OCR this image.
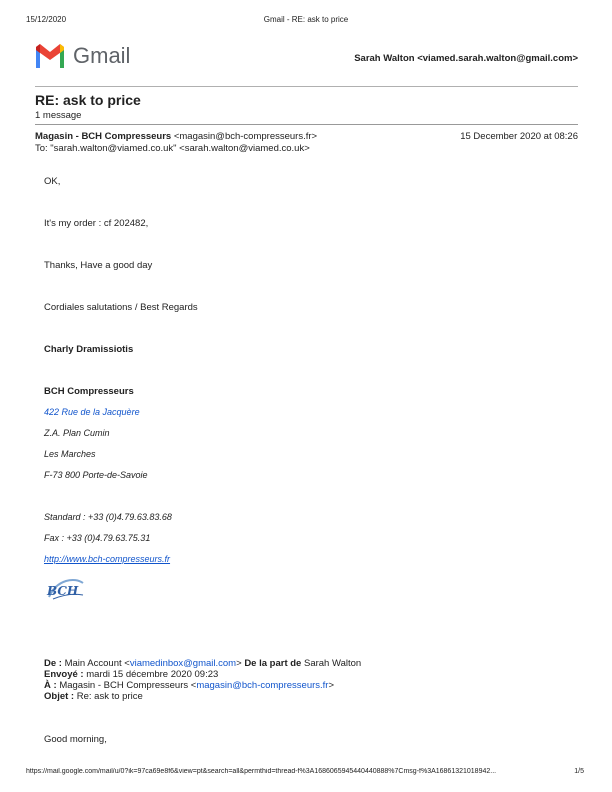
15/12/2020	Gmail - RE: ask to price
Gmail	Sarah Walton <viamed.sarah.walton@gmail.com>
RE: ask to price
1 message
Magasin - BCH Compresseurs <magasin@bch-compresseurs.fr>	15 December 2020 at 08:26
To: "sarah.walton@viamed.co.uk" <sarah.walton@viamed.co.uk>
OK,
It's my order : cf 202482,
Thanks, Have a good day
Cordiales salutations / Best Regards
Charly Dramissiotis
BCH Compresseurs
422 Rue de la Jacquère
Z.A. Plan Cumin
Les Marches
F-73 800 Porte-de-Savoie
Standard : +33 (0)4.79.63.83.68
Fax : +33 (0)4.79.63.75.31
http://www.bch-compresseurs.fr
BCH
De : Main Account <viamedinbox@gmail.com> De la part de Sarah Walton
Envoyé : mardi 15 décembre 2020 09:23
À : Magasin - BCH Compresseurs <magasin@bch-compresseurs.fr>
Objet : Re: ask to price
Good morning,
https://mail.google.com/mail/u/0?ik=97ca69e8f6&view=pt&search=all&permthid=thread-f%3A1686065945440440888%7Cmsg-f%3A16861321018942...	1/5
